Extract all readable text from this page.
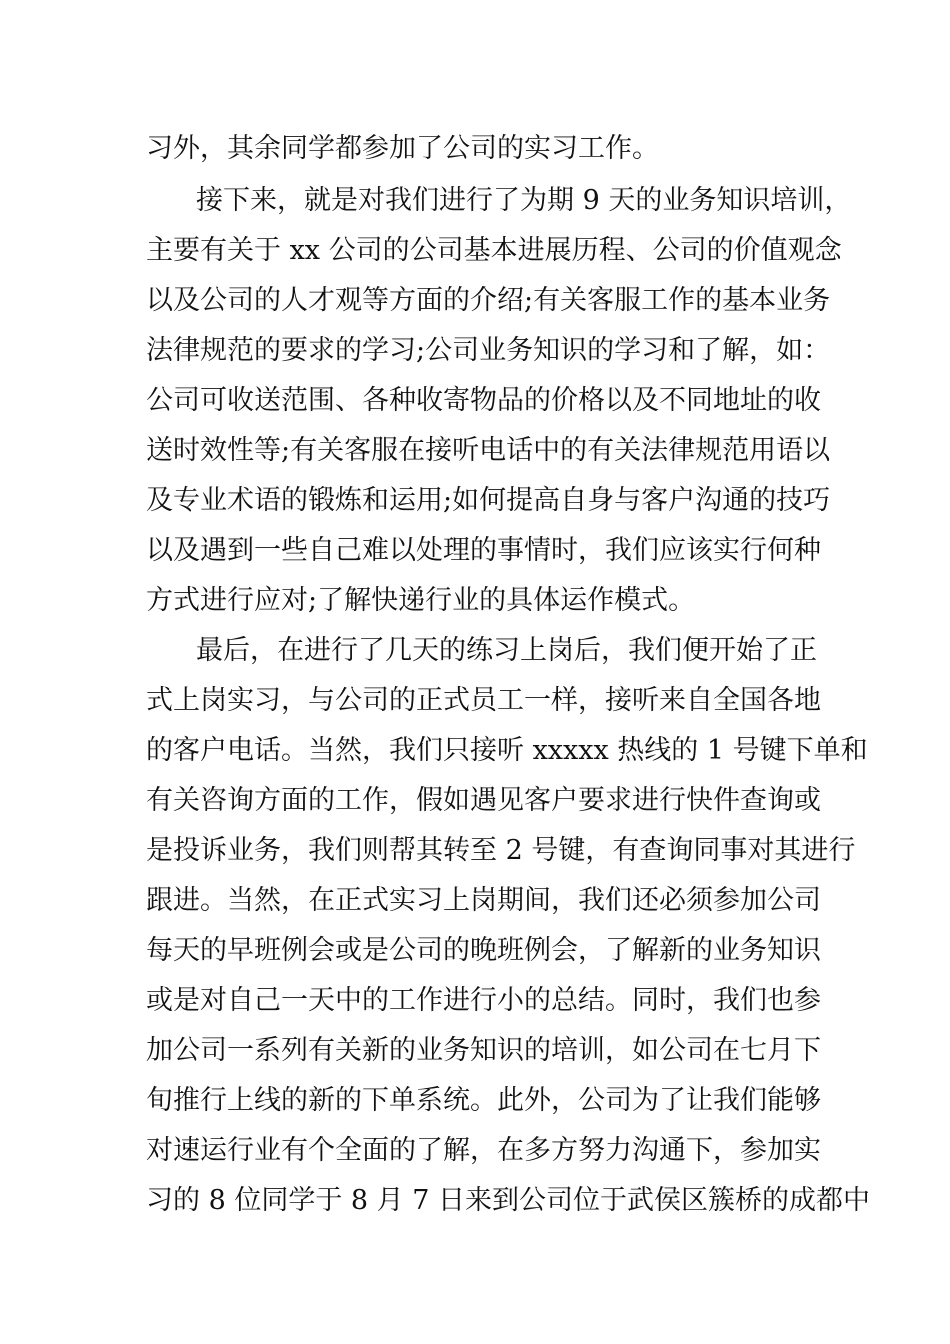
习外，其余同学都参加了公司的实习工作。
接下来，就是对我们进行了为期 9 天的业务知识培训，
主要有关于 xx 公司的公司基本进展历程、公司的价值观念
以及公司的人才观等方面的介绍;有关客服工作的基本业务
法律规范的要求的学习;公司业务知识的学习和了解，如：
公司可收送范围、各种收寄物品的价格以及不同地址的收
送时效性等;有关客服在接听电话中的有关法律规范用语以
及专业术语的锻炼和运用;如何提高自身与客户沟通的技巧
以及遇到一些自己难以处理的事情时，我们应该实行何种
方式进行应对;了解快递行业的具体运作模式。
最后，在进行了几天的练习上岗后，我们便开始了正
式上岗实习，与公司的正式员工一样，接听来自全国各地
的客户电话。当然，我们只接听 xxxxx 热线的 1 号键下单和
有关咨询方面的工作，假如遇见客户要求进行快件查询或
是投诉业务，我们则帮其转至 2 号键，有查询同事对其进行
跟进。当然，在正式实习上岗期间，我们还必须参加公司
每天的早班例会或是公司的晚班例会，了解新的业务知识
或是对自己一天中的工作进行小的总结。同时，我们也参
加公司一系列有关新的业务知识的培训，如公司在七月下
旬推行上线的新的下单系统。此外，公司为了让我们能够
对速运行业有个全面的了解，在多方努力沟通下，参加实
习的 8 位同学于 8 月 7 日来到公司位于武侯区簇桥的成都中
